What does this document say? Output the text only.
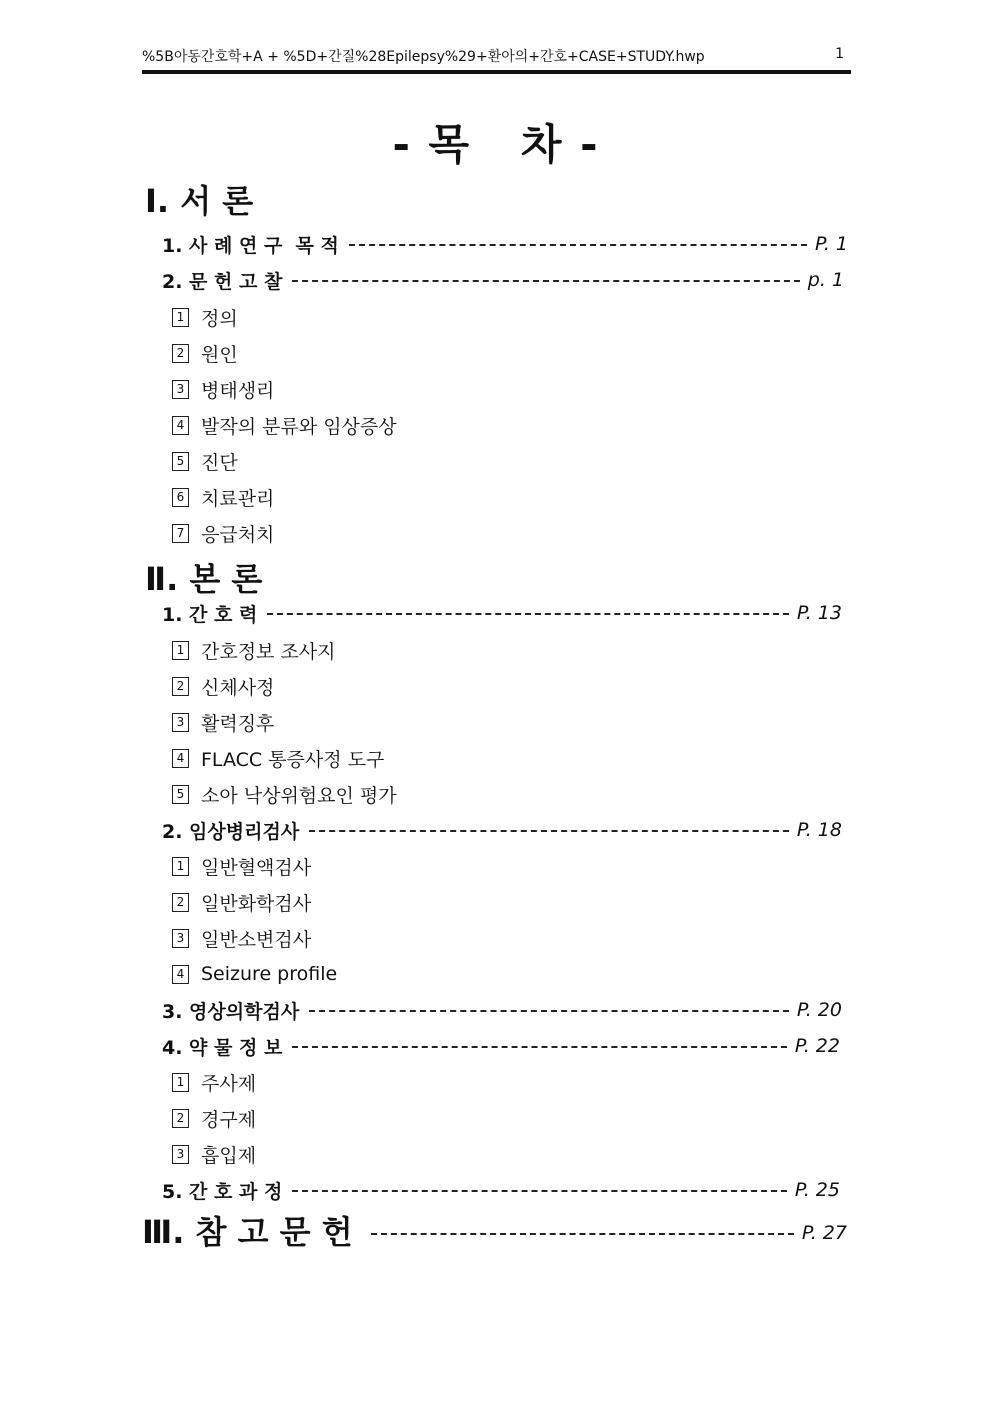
%5B아동간호학+A + %5D+간질%28Epilepsy%29+환아의+간호+CASE+STUDY.hwp	1
- 목   차 -
Ⅰ. 서 론
1. 사 례 연 구  목 적	P. 1
2. 문 헌 고 찰	p. 1
1 정의
2 원인
3 병태생리
4 발작의 분류와 임상증상
5 진단
6 치료관리
7 응급처치
Ⅱ. 본 론
1. 간 호 력	P. 13
1 간호정보 조사지
2 신체사정
3 활력징후
4 FLACC 통증사정 도구
5 소아 낙상위험요인 평가
2. 임상병리검사	P. 18
1 일반혈액검사
2 일반화학검사
3 일반소변검사
4 Seizure profile
3. 영상의학검사	P. 20
4. 약 물 정 보	P. 22
1 주사제
2 경구제
3 흡입제
5. 간 호 과 정	P. 25
Ⅲ. 참 고 문 헌	P. 27
